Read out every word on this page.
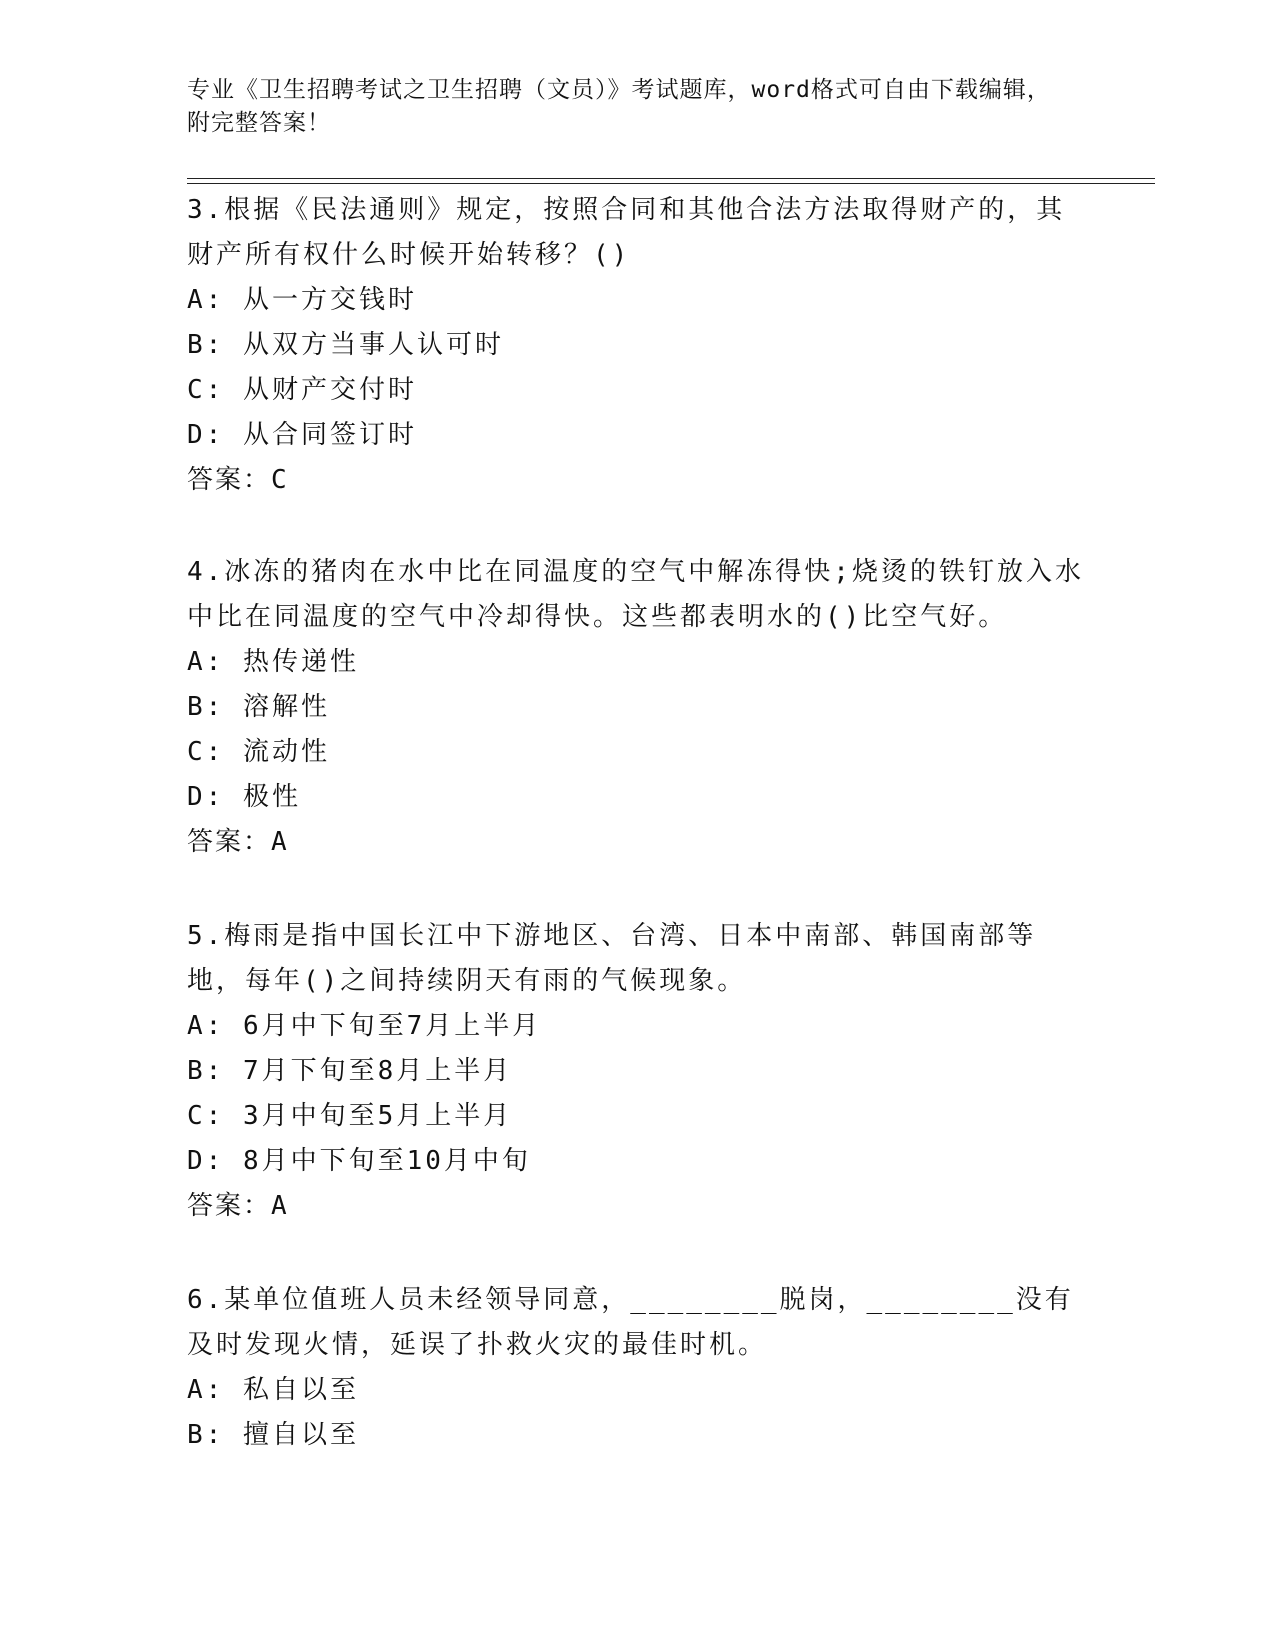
专业《卫生招聘考试之卫生招聘（文员）》考试题库，word格式可自由下载编辑，附完整答案！
3.根据《民法通则》规定，按照合同和其他合法方法取得财产的，其财产所有权什么时候开始转移？()
A: 从一方交钱时
B: 从双方当事人认可时
C: 从财产交付时
D: 从合同签订时
答案：C
4.冰冻的猪肉在水中比在同温度的空气中解冻得快;烧烫的铁钉放入水中比在同温度的空气中冷却得快。这些都表明水的()比空气好。
A: 热传递性
B: 溶解性
C: 流动性
D: 极性
答案：A
5.梅雨是指中国长江中下游地区、台湾、日本中南部、韩国南部等地，每年()之间持续阴天有雨的气候现象。
A: 6月中下旬至7月上半月
B: 7月下旬至8月上半月
C: 3月中旬至5月上半月
D: 8月中下旬至10月中旬
答案：A
6.某单位值班人员未经领导同意，________脱岗，________没有及时发现火情，延误了扑救火灾的最佳时机。
A: 私自以至
B: 擅自以至
